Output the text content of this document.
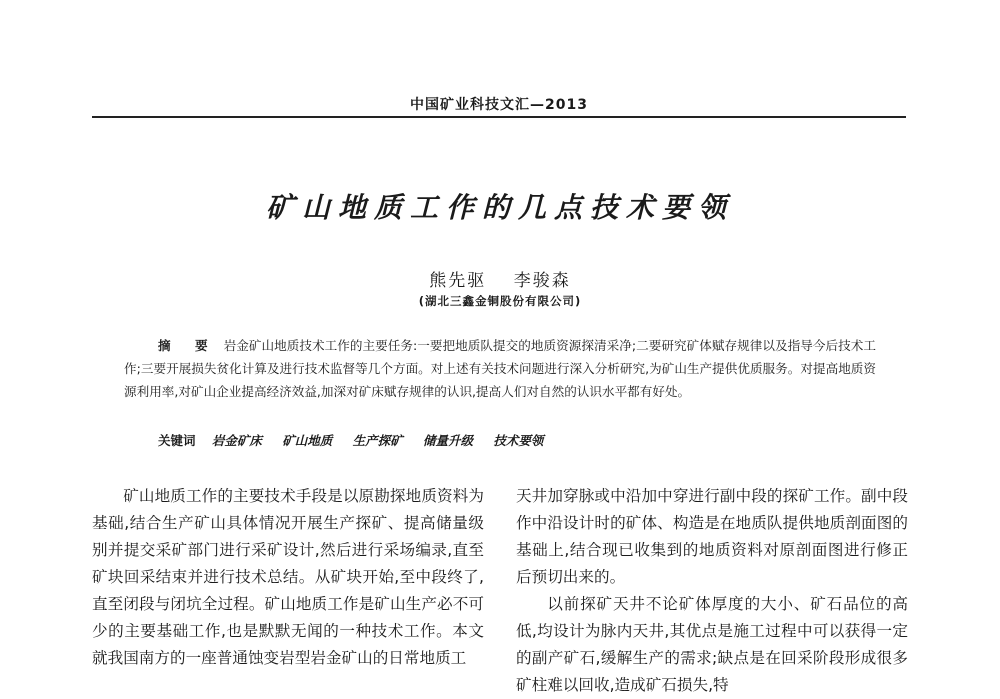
中国矿业科技文汇—2013
矿山地质工作的几点技术要领
熊先驱 李骏森
(湖北三鑫金铜股份有限公司)
摘 要 岩金矿山地质技术工作的主要任务:一要把地质队提交的地质资源探清采净;二要研究矿体赋存规律以及指导今后技术工作;三要开展损失贫化计算及进行技术监督等几个方面。对上述有关技术问题进行深入分析研究,为矿山生产提供优质服务。对提高地质资源利用率,对矿山企业提高经济效益,加深对矿床赋存规律的认识,提高人们对自然的认识水平都有好处。
关键词 岩金矿床 矿山地质 生产探矿 储量升级 技术要领

矿山地质工作的主要技术手段是以原勘探地质资料为基础,结合生产矿山具体情况开展生产探矿、提高储量级别并提交采矿部门进行采矿设计,然后进行采场编录,直至矿块回采结束并进行技术总结。从矿块开始,至中段终了,直至闭段与闭坑全过程。矿山地质工作是矿山生产必不可少的主要基础工作,也是默默无闻的一种技术工作。本文就我国南方的一座普通蚀变岩型岩金矿山的日常地质工

天井加穿脉或中沿加中穿进行副中段的探矿工作。副中段作中沿设计时的矿体、构造是在地质队提供地质剖面图的基础上,结合现已收集到的地质资料对原剖面图进行修正后预切出来的。

以前探矿天井不论矿体厚度的大小、矿石品位的高低,均设计为脉内天井,其优点是施工过程中可以获得一定的副产矿石,缓解生产的需求;缺点是在回采阶段形成很多矿柱难以回收,造成矿石损失,特
